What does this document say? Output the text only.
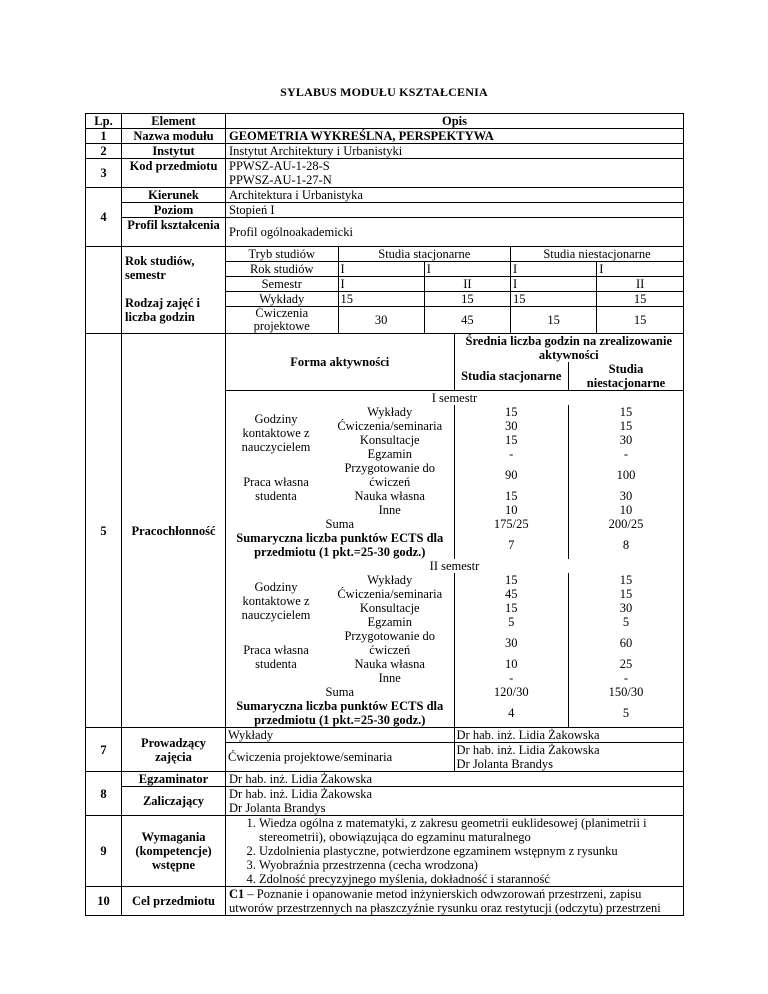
SYLABUS MODUŁU KSZTAŁCENIA
Lp.	Element	Opis
1	Nazwa modułu	GEOMETRIA WYKREŚLNA, PERSPEKTYWA
2	Instytut	Instytut Architektury i Urbanistyki
3	Kod przedmiotu	PPWSZ-AU-1-28-S
PPWSZ-AU-1-27-N

4	Kierunek	Architektura i Urbanistyka
Poziom	Stopień I
Profil kształcenia	Profil ogólnoakademicki

Rok studiów, semestr
Rodzaj zajęć i liczba godzin

Tryb studiów	Studia stacjonarne	Studia niestacjonarne
Rok studiów	I	I	I	I
Semestr	I	II	I	II
Wykłady	15	15	15	15
Ćwiczenia projektowe	30	45	15	15

5	Pracochłonność	
Forma aktywności	Średnia liczba godzin na zrealizowanie aktywności
Studia stacjonarne	Studia niestacjonarne
I semestr
Godziny kontaktowe z nauczycielem	Wykłady	15	15
Ćwiczenia/seminaria	30	15
Konsultacje	15	30
Egzamin	-	-
Praca własna studenta	Przygotowanie do ćwiczeń	90	100
Nauka własna	15	30
Inne	10	10
Suma	175/25	200/25
Sumaryczna liczba punktów ECTS dla przedmiotu (1 pkt.=25-30 godz.)	7	8
II semestr
Godziny kontaktowe z nauczycielem	Wykłady	15	15
Ćwiczenia/seminaria	45	15
Konsultacje	15	30
Egzamin	5	5
Praca własna studenta	Przygotowanie do ćwiczeń	30	60
Nauka własna	10	25
Inne	-	-
Suma	120/30	150/30
Sumaryczna liczba punktów ECTS dla przedmiotu (1 pkt.=25-30 godz.)	4	5

7	Prowadzący zajęcia	
Wykłady	Dr hab. inż. Lidia Żakowska
Ćwiczenia projektowe/seminaria	Dr hab. inż. Lidia Żakowska
Dr Jolanta Brandys

8	Egzaminator	Dr hab. inż. Lidia Żakowska
Zaliczający	Dr hab. inż. Lidia Żakowska
Dr Jolanta Brandys

9	Wymagania (kompetencje) wstępne	
1. Wiedza ogólna z matematyki, z zakresu geometrii euklidesowej (planimetrii i stereometrii), obowiązująca do egzaminu maturalnego
2. Uzdolnienia plastyczne, potwierdzone egzaminem wstępnym z rysunku
3. Wyobraźnia przestrzenna (cecha wrodzona)
4. Zdolność precyzyjnego myślenia, dokładność i staranność

10	Cel przedmiotu	C1 – Poznanie i opanowanie metod inżynierskich odwzorowań przestrzeni, zapisu utworów przestrzennych na płaszczyźnie rysunku oraz restytucji (odczytu) przestrzeni
